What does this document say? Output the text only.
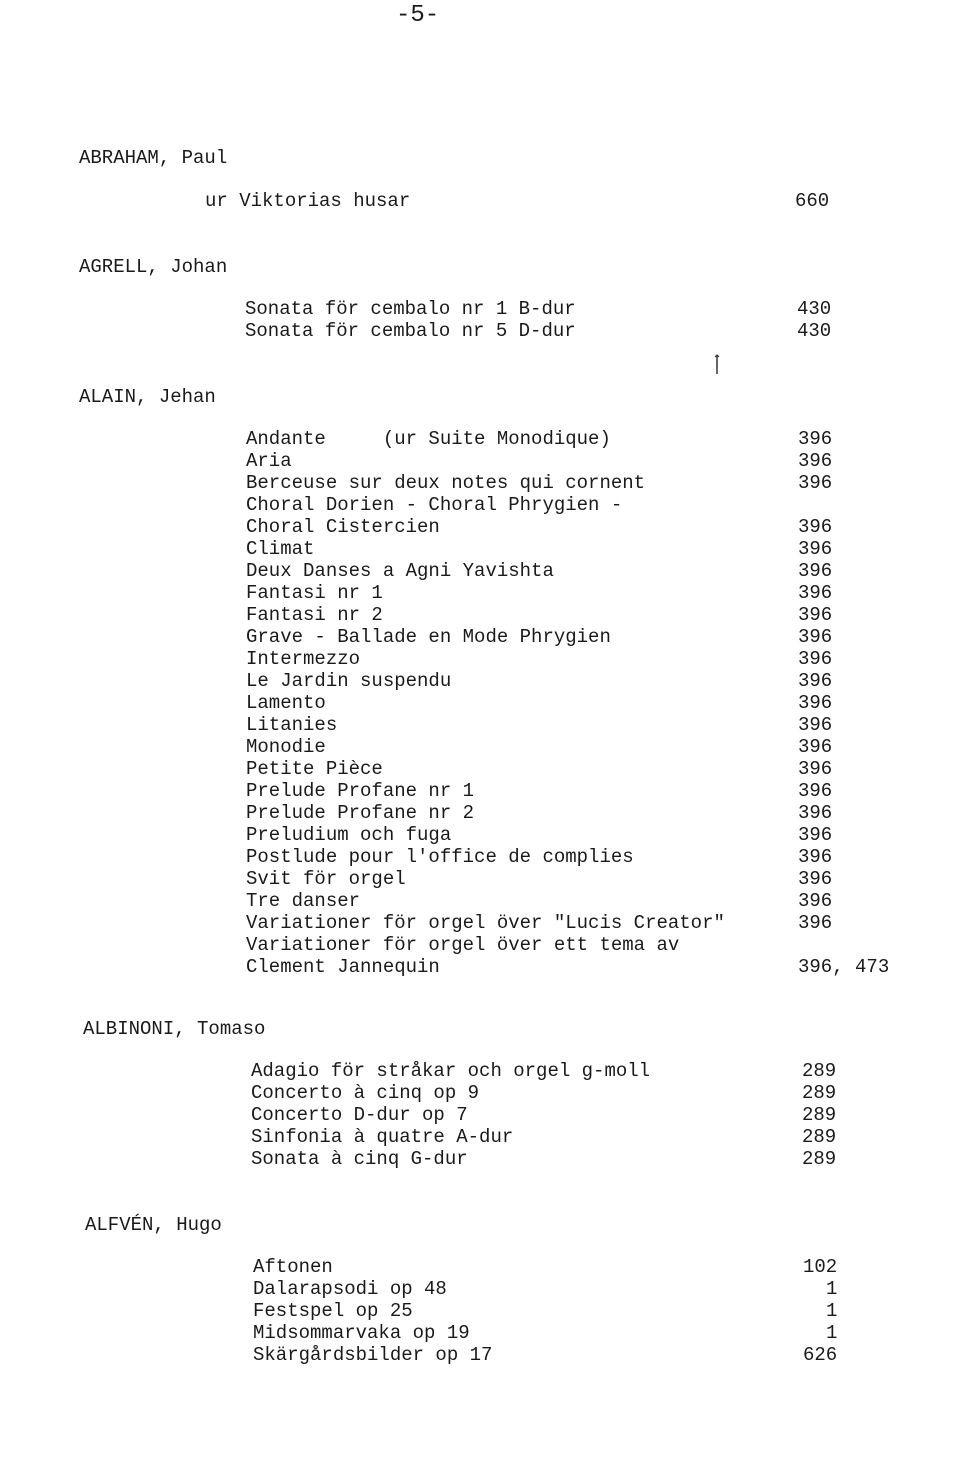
-5-
ABRAHAM, Paul
ur Viktorias husar	660
AGRELL, Johan
Sonata för cembalo nr 1 B-dur	430
Sonata för cembalo nr 5 D-dur	430
ALAIN, Jehan
Andante     (ur Suite Monodique)	396
Aria	396
Berceuse sur deux notes qui cornent	396
Choral Dorien - Choral Phrygien -
Choral Cistercien	396
Climat	396
Deux Danses a Agni Yavishta	396
Fantasi nr 1	396
Fantasi nr 2	396
Grave - Ballade en Mode Phrygien	396
Intermezzo	396
Le Jardin suspendu	396
Lamento	396
Litanies	396
Monodie	396
Petite Pièce	396
Prelude Profane nr 1	396
Prelude Profane nr 2	396
Preludium och fuga	396
Postlude pour l'office de complies	396
Svit för orgel	396
Tre danser	396
Variationer för orgel över "Lucis Creator"	396
Variationer för orgel över ett tema av
Clement Jannequin	396, 473
ALBINONI, Tomaso
Adagio för stråkar och orgel g-moll	289
Concerto à cinq op 9	289
Concerto D-dur op 7	289
Sinfonia à quatre A-dur	289
Sonata à cinq G-dur	289
ALFVÉN, Hugo
Aftonen	102
Dalarapsodi op 48	1
Festspel op 25	1
Midsommarvaka op 19	1
Skärgårdsbilder op 17	626
